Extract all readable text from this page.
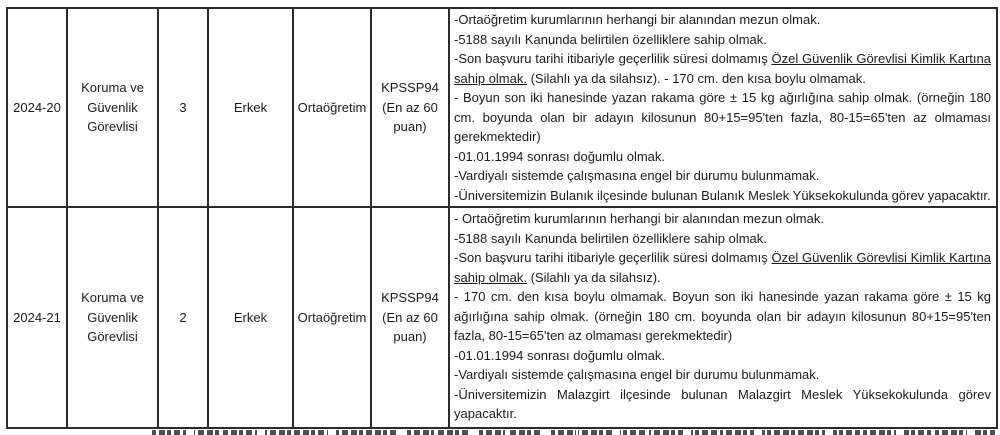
2024-20	Koruma ve Güvenlik Görevlisi	3	Erkek	Ortaöğretim	KPSSP94 (En az 60 puan)	
-Ortaöğretim kurumlarının herhangi bir alanından mezun olmak.
-5188 sayılı Kanunda belirtilen özelliklere sahip olmak.
-Son başvuru tarihi itibariyle geçerlilik süresi dolmamış Özel Güvenlik Görevlisi Kimlik Kartına sahip olmak. (Silahlı ya da silahsız). - 170 cm. den kısa boylu olmamak.
- Boyun son iki hanesinde yazan rakama göre ± 15 kg ağırlığına sahip olmak. (örneğin 180 cm. boyunda olan bir adayın kilosunun 80+15=95'ten fazla, 80-15=65'ten az olmaması gerekmektedir)
-01.01.1994 sonrası doğumlu olmak.
-Vardiyalı sistemde çalışmasına engel bir durumu bulunmamak.
-Üniversitemizin Bulanık ilçesinde bulunan Bulanık Meslek Yüksekokulunda görev yapacaktır.

2024-21	Koruma ve Güvenlik Görevlisi	2	Erkek	Ortaöğretim	KPSSP94 (En az 60 puan)	
- Ortaöğretim kurumlarının herhangi bir alanından mezun olmak.
-5188 sayılı Kanunda belirtilen özelliklere sahip olmak.
-Son başvuru tarihi itibariyle geçerlilik süresi dolmamış Özel Güvenlik Görevlisi Kimlik Kartına sahip olmak. (Silahlı ya da silahsız).
- 170 cm. den kısa boylu olmamak. Boyun son iki hanesinde yazan rakama göre ± 15 kg ağırlığına sahip olmak. (örneğin 180 cm. boyunda olan bir adayın kilosunun 80+15=95'ten fazla, 80-15=65'ten az olmaması gerekmektedir)
-01.01.1994 sonrası doğumlu olmak.
-Vardiyalı sistemde çalışmasına engel bir durumu bulunmamak.
-Üniversitemizin Malazgirt ilçesinde bulunan Malazgirt Meslek Yüksekokulunda görev yapacaktır.
